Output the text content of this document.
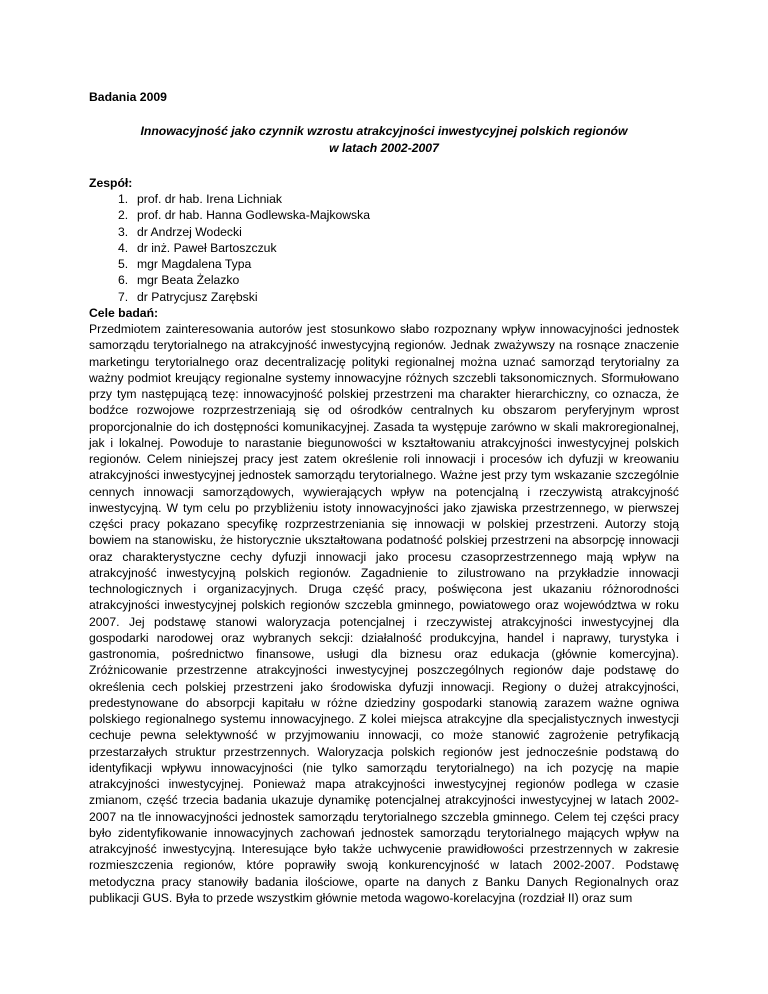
Badania 2009

Innowacyjność jako czynnik wzrostu atrakcyjności inwestycyjnej polskich regionów
w latach 2002-2007

Zespół:

1. prof. dr hab. Irena Lichniak
2. prof. dr hab. Hanna Godlewska-Majkowska
3. dr Andrzej Wodecki
4. dr inż. Paweł Bartoszczuk
5. mgr Magdalena Typa
6. mgr Beata Żelazko
7. dr Patrycjusz Zarębski

Cele badań:

Przedmiotem zainteresowania autorów jest stosunkowo słabo rozpoznany wpływ innowacyjności jednostek samorządu terytorialnego na atrakcyjność inwestycyjną regionów. Jednak zważywszy na rosnące znaczenie marketingu terytorialnego oraz decentralizację polityki regionalnej można uznać samorząd terytorialny za ważny podmiot kreujący regionalne systemy innowacyjne różnych szczebli taksonomicznych. Sformułowano przy tym następującą tezę: innowacyjność polskiej przestrzeni ma charakter hierarchiczny, co oznacza, że bodźce rozwojowe rozprzestrzeniają się od ośrodków centralnych ku obszarom peryferyjnym wprost proporcjonalnie do ich dostępności komunikacyjnej. Zasada ta występuje zarówno w skali makroregionalnej, jak i lokalnej. Powoduje to narastanie biegunowości w kształtowaniu atrakcyjności inwestycyjnej polskich regionów. Celem niniejszej pracy jest zatem określenie roli innowacji i procesów ich dyfuzji w kreowaniu atrakcyjności inwestycyjnej jednostek samorządu terytorialnego. Ważne jest przy tym wskazanie szczególnie cennych innowacji samorządowych, wywierających wpływ na potencjalną i rzeczywistą atrakcyjność inwestycyjną. W tym celu po przybliżeniu istoty innowacyjności jako zjawiska przestrzennego, w pierwszej części pracy pokazano specyfikę rozprzestrzeniania się innowacji w polskiej przestrzeni. Autorzy stoją bowiem na stanowisku, że historycznie ukształtowana podatność polskiej przestrzeni na absorpcję innowacji oraz charakterystyczne cechy dyfuzji innowacji jako procesu czasoprzestrzennego mają wpływ na atrakcyjność inwestycyjną polskich regionów. Zagadnienie to zilustrowano na przykładzie innowacji technologicznych i organizacyjnych. Druga część pracy, poświęcona jest ukazaniu różnorodności atrakcyjności inwestycyjnej polskich regionów szczebla gminnego, powiatowego oraz województwa w roku 2007. Jej podstawę stanowi waloryzacja potencjalnej i rzeczywistej atrakcyjności inwestycyjnej dla gospodarki narodowej oraz wybranych sekcji: działalność produkcyjna, handel i naprawy, turystyka i gastronomia, pośrednictwo finansowe, usługi dla biznesu oraz edukacja (głównie komercyjna). Zróżnicowanie przestrzenne atrakcyjności inwestycyjnej poszczególnych regionów daje podstawę do określenia cech polskiej przestrzeni jako środowiska dyfuzji innowacji. Regiony o dużej atrakcyjności, predestynowane do absorpcji kapitału w różne dziedziny gospodarki stanowią zarazem ważne ogniwa polskiego regionalnego systemu innowacyjnego. Z kolei miejsca atrakcyjne dla specjalistycznych inwestycji cechuje pewna selektywność w przyjmowaniu innowacji, co może stanowić zagrożenie petryfikacją przestarzałych struktur przestrzennych. Waloryzacja polskich regionów jest jednocześnie podstawą do identyfikacji wpływu innowacyjności (nie tylko samorządu terytorialnego) na ich pozycję na mapie atrakcyjności inwestycyjnej. Ponieważ mapa atrakcyjności inwestycyjnej regionów podlega w czasie zmianom, część trzecia badania ukazuje dynamikę potencjalnej atrakcyjności inwestycyjnej w latach 2002-2007 na tle innowacyjności jednostek samorządu terytorialnego szczebla gminnego. Celem tej części pracy było zidentyfikowanie innowacyjnych zachowań jednostek samorządu terytorialnego mających wpływ na atrakcyjność inwestycyjną. Interesujące było także uchwycenie prawidłowości przestrzennych w zakresie rozmieszczenia regionów, które poprawiły swoją konkurencyjność w latach 2002-2007. Podstawę metodyczna pracy stanowiły badania ilościowe, oparte na danych z Banku Danych Regionalnych oraz publikacji GUS. Była to przede wszystkim głównie metoda wagowo-korelacyjna (rozdział II) oraz sum
